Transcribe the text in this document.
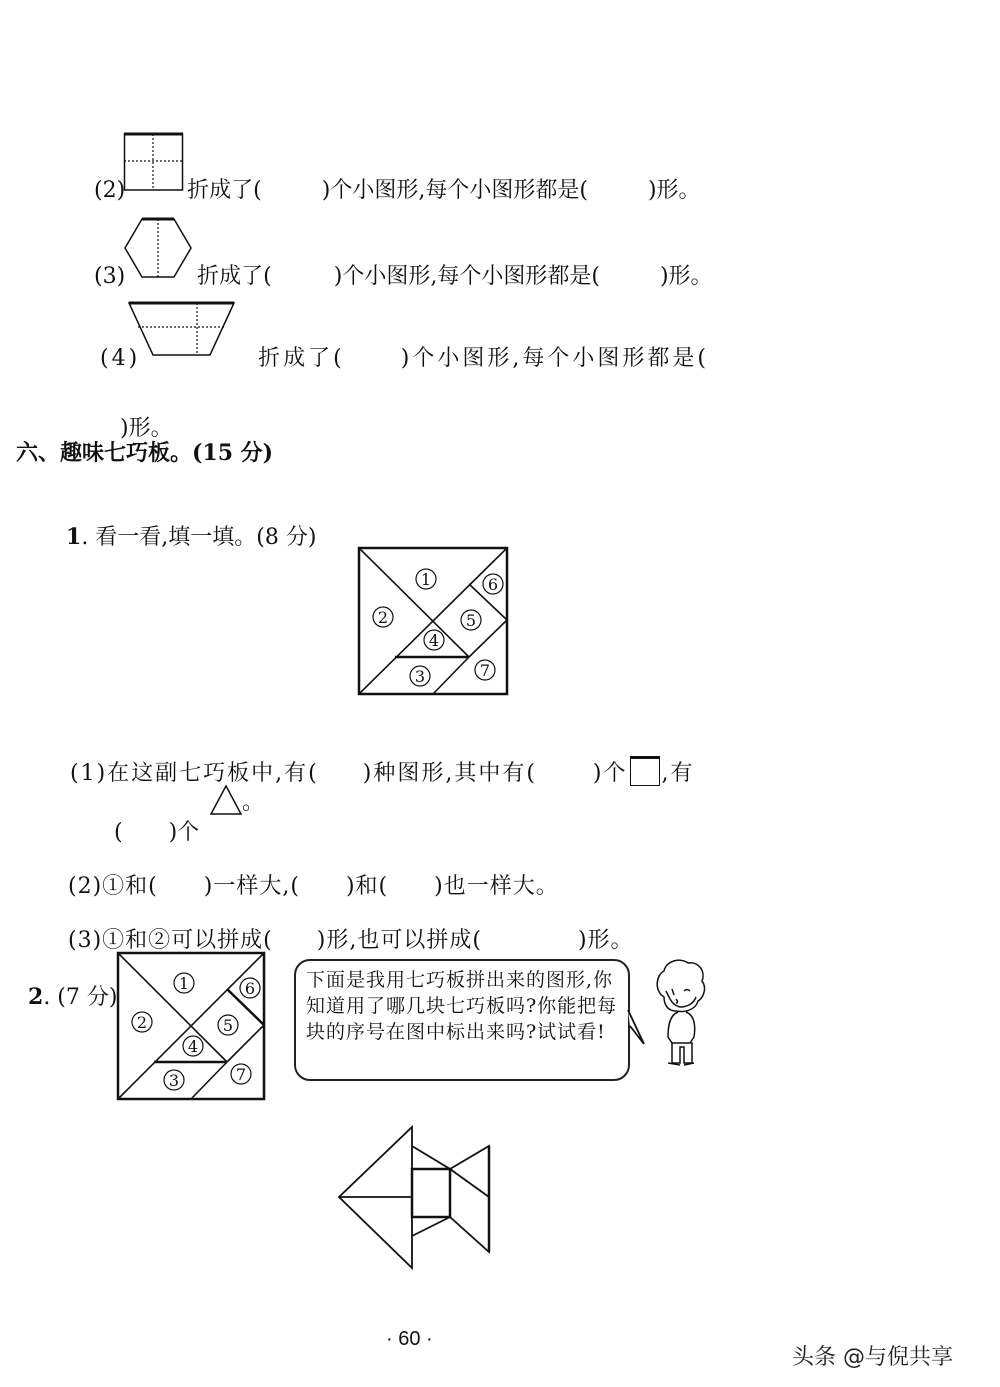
(2)	折成了(	)个小图形,每个小图形都是(	)形。

(3)	折成了(	)个小图形,每个小图形都是(	)形。

(4)	折成了(	)个小图形,每个小图形都是(

)形。

六、趣味七巧板。(15 分)

1. 看一看,填一填。(8 分)

1
2
3
4
5
6
7

(1)在这副七巧板中,有( )种图形,其中有(	)个 ,有

( )个

。

(2)①和( )一样大,( )和( )也一样大。

(3)①和②可以拼成( )形,也可以拼成(	)形。

2. (7 分)

1
2
3
4
5
6
7
下面是我用七巧板拼出来的图形,你知道用了哪几块七巧板吗?你能把每块的序号在图中标出来吗?试试看!
· 60 ·
头条 @与倪共享
